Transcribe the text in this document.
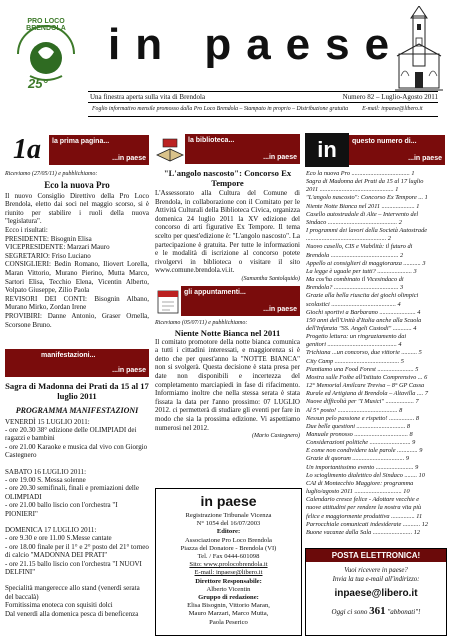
PRO LOCO BRENDOLA
25°
in paese
Una finestra aperta sulla vita di Brendola	Numero 82 – Luglio-Agosto 2011
Foglio informativo mensile promosso dalla Pro Loco Brendola – Stampato in proprio – Distribuzione gratuita E-mail: inpaese@libero.it
1a	la prima pagina...
...in paese

Riceviamo (27/05/11) e pubblichiamo:

Eco la nuova Pro

Il nuovo Consiglio Direttivo della Pro Loco Brendola, eletto dai soci nel maggio scorso, si è riunito per stabilire i ruoli della nuova "legislatura".

Ecco i risultati:

PRESIDENTE: Bisognin Elisa

VICEPRESIDENTE: Marzari Mauro

SEGRETARIO: Friso Luciano

CONSIGLIERI: Bedin Romano, Iliovert Lorella, Maran Vittorio, Murano Pierino, Mutta Marco, Sartori Elisa, Tecchio Elena, Vicentin Alberto, Volpato Giuseppe, Zilio Paola

REVISORI DEI CONTI: Bisognin Albano, Murano Mirko, Zordan Irene

PROVIBIRI: Danne Antonio, Graser Ornella, Scorsone Bruno.

manifestazioni...
...in paese

Sagra di Madonna dei Prati da 15 al 17 luglio 2011

PROGRAMMA MANIFESTAZIONI

VENERDÌ 15 LUGLIO 2011:

- ore 20.30 38° edizione delle OLIMPIADI dei ragazzi e bambini

- ore 21.00 Karaoke e musica dal vivo con Giorgio Castegnero

SABATO 16 LUGLIO 2011:

- ore 19.00 S. Messa solenne

- ore 20.30 semifinali, finali e premiazioni delle OLIMPIADI

- ore 21.00 ballo liscio con l'orchestra "I PIONIERI"

DOMENICA 17 LUGLIO 2011:

- ore 9.30 e ore 11.00 S.Messe cantate

- ore 18.00 finale per il 1° e 2° posto del 21° torneo di calcio "MADONNA DEI PRATI"

- ore 21.15 ballo liscio con l'orchestra "I NUOVI DELFINI"

Specialità mangerecce allo stand (venerdì serata del baccalà)

Fornitissima enoteca con squisiti dolci

Dal venerdì alla domenica pesca di beneficenza

la biblioteca...
...in paese

"L'angolo nascosto": Concorso Ex Tempore

L'Assessorato alla Cultura del Comune di Brendola, in collaborazione con il Comitato per le Attività Culturali della Biblioteca Civica, organizza domenica 24 luglio 2011 la XV edizione del concorso di arti figurative Ex Tempore. Il tema scelto per quest'edizione è: "L'angolo nascosto". La partecipazione è gratuita. Per tutte le informazioni e le modalità di iscrizione al concorso potete rivolgervi in biblioteca o visitare il sito www.comune.brendola.vi.it.

(Samantha Santolquido)

gli appuntamenti...
...in paese

Riceviamo (05/07/11) e pubblichiamo:

Niente Notte Bianca nel 2011

Il comitato promotore della notte bianca comunica a tutti i cittadini interessati, e maggiorenza si è detto che per quest'anno la "NOTTE BIANCA" non si svolgerà. Questa decisione è stata presa per date non disponibili e incertezza del completamento marciapiedi in fase di rifacimento. Informiamo inoltre che nella stessa serata è stata fissata la data per l'anno prossimo: 07 LUGLIO 2012. ci permetterà di studiare gli eventi per fare in modo che sia la prossima edizione. Vi aspettiamo numerosi nel 2012.

(Mario Castegnero)

in paese
Registrazione Tribunale Vicenza
N° 1054 del 16/07/2003
Editore:
Associazione Pro Loco Brendola
Piazza del Donatore - Brendola (VI)
Tel. / Fax 0444-601098
Sito: www.prolocobrendola.it
E-mail: inpaese@libero.it
Direttore Responsabile:
Alberto Vicentin
Gruppo di redazione:
Elisa Bisognin, Vittorio Maran,
Mauro Marzari, Marco Mutta,
Paola Peserico
in	questo numero di...
...in paese
Eco la nuova Pro ..................................... 1
Sagra di Madonna dei Prati da 15 al 17 luglio
2011 ............................................... 1
"L'angolo nascosto": Concorso Ex Tempore ... 1
Niente Notte Bianca nel 2011 ..................... 1
Casello autostradale di Alte – Intervento del
Sindaco ............................................ 2
I programmi dei lavori della Società Autostrade
................................................... 2
Nuovo casello, CIS e Viabilità: il futuro di
Brendola ........................................... 2
Appello ai consiglieri di maggioranza ........... 3
La legge è uguale per tutti? ...................... 3
Ma cos'ha combinato il Vicesindaco di
Brendola? ......................................... 3
Grazie alla bella riuscita dei giochi olimpici
scolastici ......................................... 4
Giochi sportivi a Barbarano ....................... 4
150 anni dell'Unità d'Italia anche alla Scuola
dell'Infanzia "SS. Angeli Custodi" ............ 4
Progetto lettura: un ringraziamento dai
genitori ............................................ 4
Trichiana ...un concorso, due vittorie .......... 5
City Camp ......................................... 5
Piantiamo una Food Forest ....................... 5
Mostra sulle Foibe all'Istituto Comprensivo ... 6
12° Memorial Amilcare Trevisa – 8° GP Cassa
Rurale ed Artigiana di Brendola – Altavilla .... 7
Nuove difficoltà per "I Musici" .................. 7
Al 5° posto! ...................................... 8
Nessun pelo passione e rispetto! ................ 8
Due belle questioni ............................... 8
Manuale pronosso .................................. 8
Considerazioni politiche .......................... 9
E come non condividere tale parole ............. 9
Grazie di quorum ................................. 9
Un importantissimo evento ........................ 9
Lo scioglimento dialettico del Sindaco ........ 10
CAI di Montecchio Maggiore: programma
luglio/agosto 2011 .............................. 10
Calendario cresce felice - Adottare vecchie e
nuove attitudini per rendere la nostra vita più
felice e maggiormente produttiva ............... 11
Parrocchiale comunicati indesiderate ........... 12
Buone vacanze dalla Sala ......................... 12
POSTA ELETTRONICA!
Vuoi ricevere in paese?
Invia la tua e-mail all'indirizzo:
inpaese@libero.it
Oggi ci sono 361 "abbonati"!
